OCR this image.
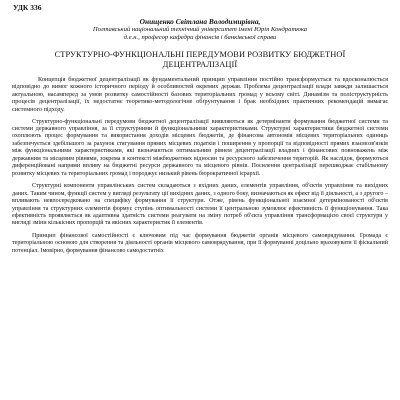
УДК 336

Онищенко Світлана Володимирівна,

Полтавський національний технічний університет імені Юрія Кондратюка

д.е.н., професор кафедри фінансів і банківської справи

СТРУКТУРНО-ФУНКЦІОНАЛЬНІ ПЕРЕДУМОВИ РОЗВИТКУ БЮДЖЕТНОЇ
ДЕЦЕНТРАЛІЗАЦІЇ

Концепція бюджетної децентралізації як фундаментальний принцип управління постійно трансформується та вдосконалюється відповідно до вимог кожного історичного періоду й особливостей окремих держав. Проблема децентралізації влади завжди залишається актуальною, насамперед за умов розвитку самостійності базових територіальних громад у всьому світі. Динамізм та поліструктурність процесів децентралізації, їх недостатнє теоретико-методологічне обґрунтування і брак необхідних практичних рекомендацій вимагає системного підходу.

Структурно-функціональні передумови бюджетної децентралізації виявляються як детермінанти формування бюджетної системи та системи державного управління, за її структурними й функціональними характеристиками. Структурні характеристики бюджетної системи охоплюють процес формування та використання доходів місцевих бюджетів, де фінансова автономія місцевих територіальних одиниць забезпечується здебільшого за рахунок стягування прямих місцевих податків і поширення у пропорції та відповідності прямих взаємозв'язків між функціональними характеристиками, які визначаються оптимальним рівнем децентралізації владних і фінансових повноважень між державним та місцевим рівнями, зокрема в контексті міжбюджетних відносин та ресурсного забезпечення територій. Як наслідок, формуються диференційовані напрями впливу на бюджетні ресурси державного та місцевого рівнів. Посилення централізації перешкоджає стабільному розвитку місцевих та територіальних громад і породжує низький рівень бюрократичної ієрархії.

Структурні компоненти управлінських систем складаються з вхідних даних, елементів управління, об'єктів управління та вихідних даних. Таким чином, функції систем у вигляді результату ції вихідних даних, з одного боку, визначаються як ефект від її діяльності, а з другого – впливають невпосередковано на специфіку формування її структури. Отже, рівень функціональної взаємної детермінованості об'єктів управління та структурних елементів формує ступінь оптимальності системи її центральною зумовлює ефективність її функціонування. Така ефективність проявляється як адаптивна здатність системи реагувати на зміну потреб об'єкта управління трансформацією своєї структури у вигляді зміни кількісних пропорцій та якісних характеристик її елементів.

Принцип фінансової самостійності є ключовим під час формування бюджетів органів місцевого самоврядування. Громада є територіальною основою для створення та діяльності органів місцевого самоврядування, при її формуванні доцільно враховувати її фіскальний потенціал. Імовірно, формування фінансово самодостатніх
